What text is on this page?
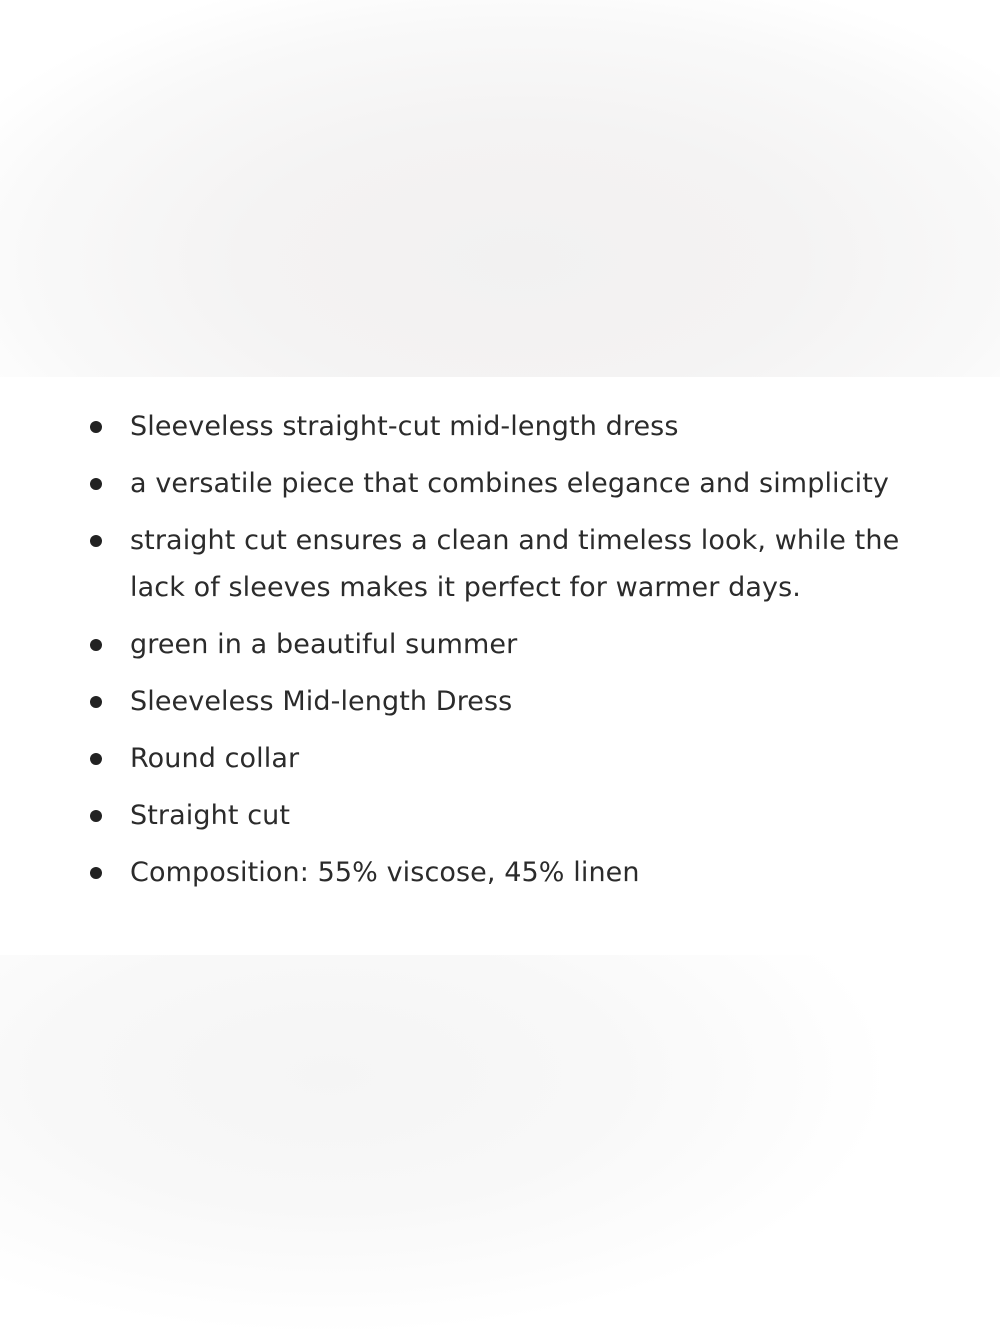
Sleeveless straight-cut mid-length dress
a versatile piece that combines elegance and simplicity
straight cut ensures a clean and timeless look, while the lack of sleeves makes it perfect for warmer days.
green in a beautiful summer
Sleeveless Mid-length Dress
Round collar
Straight cut
Composition: 55% viscose, 45% linen
